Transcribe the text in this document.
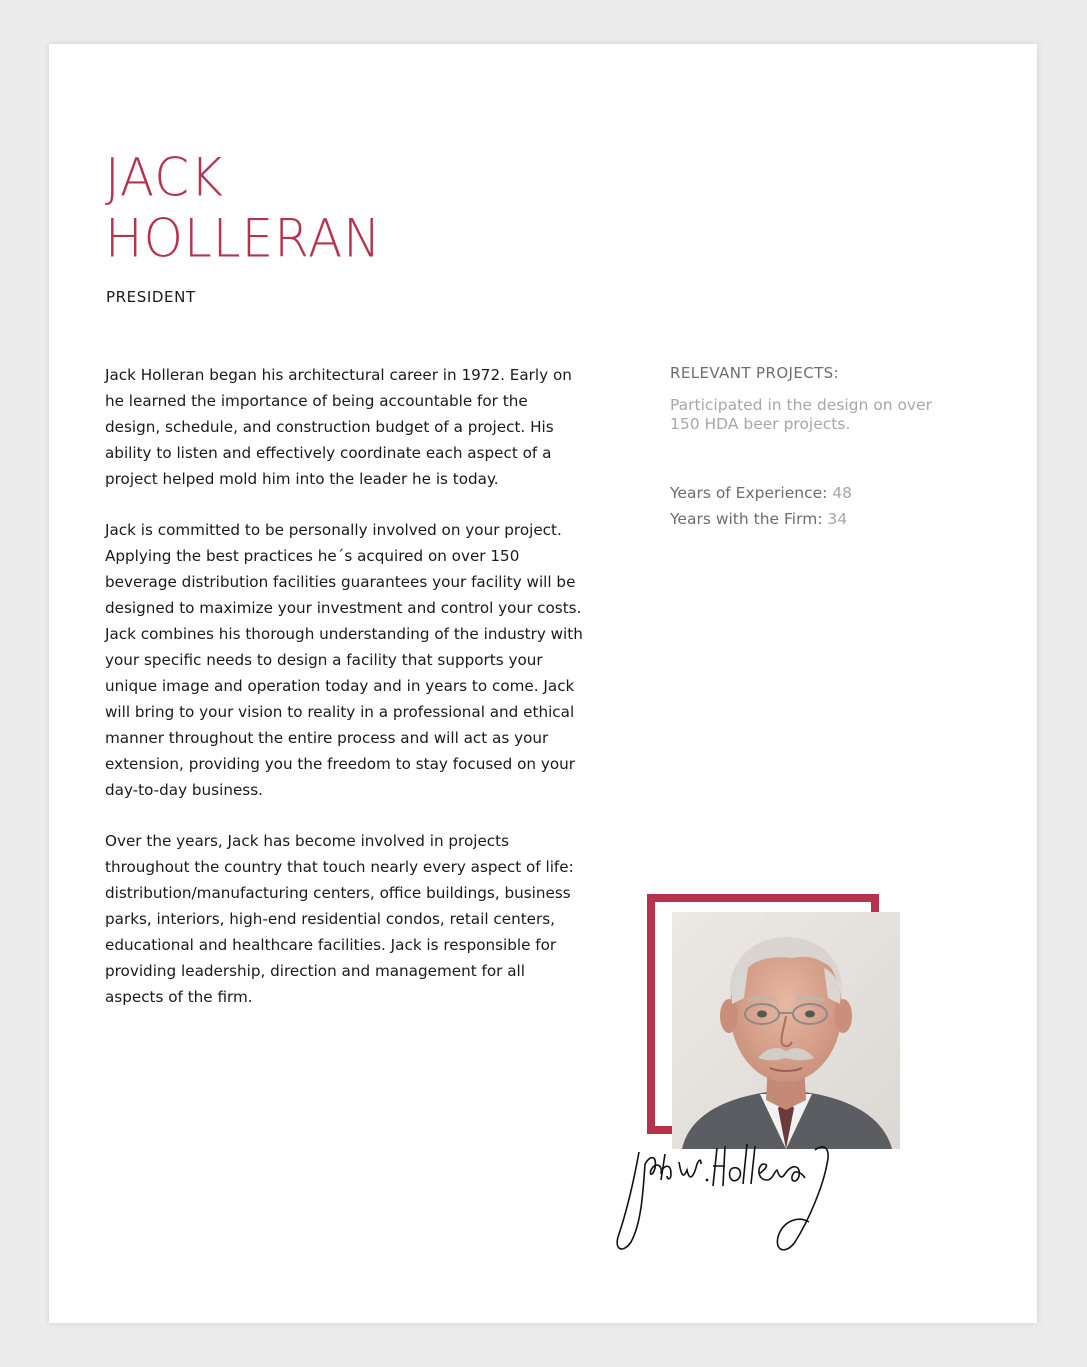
JACK
HOLLERAN
PRESIDENT

Jack Holleran began his architectural career in 1972. Early on he learned the importance of being accountable for the design, schedule, and construction budget of a project. His ability to listen and effectively coordinate each aspect of a project helped mold him into the leader he is today.

Jack is committed to be personally involved on your project. Applying the best practices he´s acquired on over 150 beverage distribution facilities guarantees your facility will be designed to maximize your investment and control your costs. Jack combines his thorough understanding of the industry with your specific needs to design a facility that supports your unique image and operation today and in years to come. Jack will bring to your vision to reality in a professional and ethical manner throughout the entire process and will act as your extension, providing you the freedom to stay focused on your day-to-day business.

Over the years, Jack has become involved in projects throughout the country that touch nearly every aspect of life: distribution/manufacturing centers, office buildings, business parks, interiors, high-end residential condos, retail centers, educational and healthcare facilities. Jack is responsible for providing leadership, direction and management for all aspects of the firm.

RELEVANT PROJECTS:

Participated in the design on over 150 HDA beer projects.

Years of Experience: 48
Years with the Firm: 34
